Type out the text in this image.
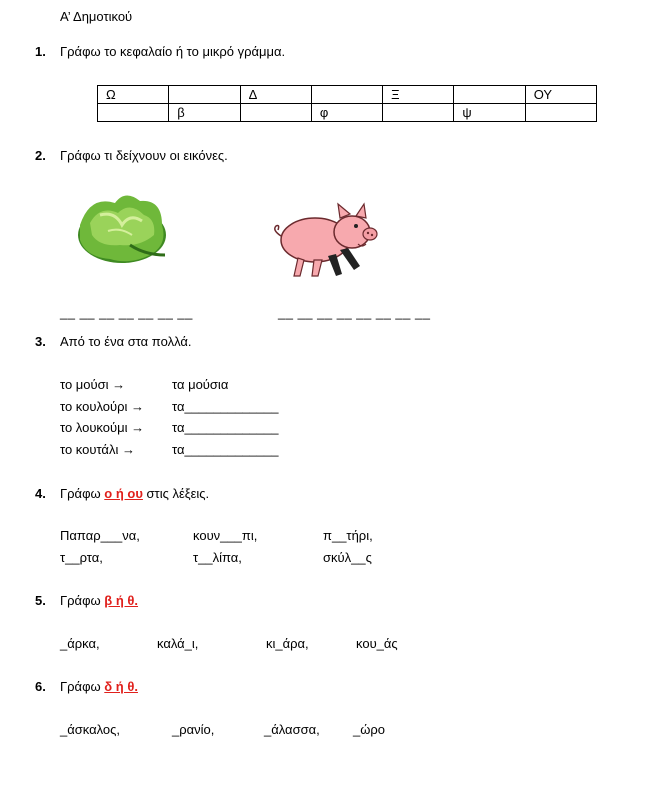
Α’ Δημοτικού
1. Γράφω το κεφαλαίο ή το μικρό γράμμα.
Ω		Δ		Ξ		ΟΥ
	β		φ		ψ	
2. Γράφω τι δείχνουν οι εικόνες.
__ __ __ __ __ __ __	__ __ __ __ __ __ __ __
3. Από το ένα στα πολλά.
το μούσι →	τα μούσια
το κουλούρι → τα_____________
το λουκούμι → τα_____________
το κουτάλι →	τα_____________
4. Γράφω ο ή ου στις λέξεις.
Παπαρ___να,	κουν___πι,	π__τήρι,
τ__ρτα,	τ__λίπα,	σκύλ__ς
5. Γράφω β ή θ.
_άρκα,	καλά_ι,	κι_άρα,	κου_άς
6. Γράφω δ ή θ.
_άσκαλος,	_ρανίο,	_άλασσα,	_ώρο
